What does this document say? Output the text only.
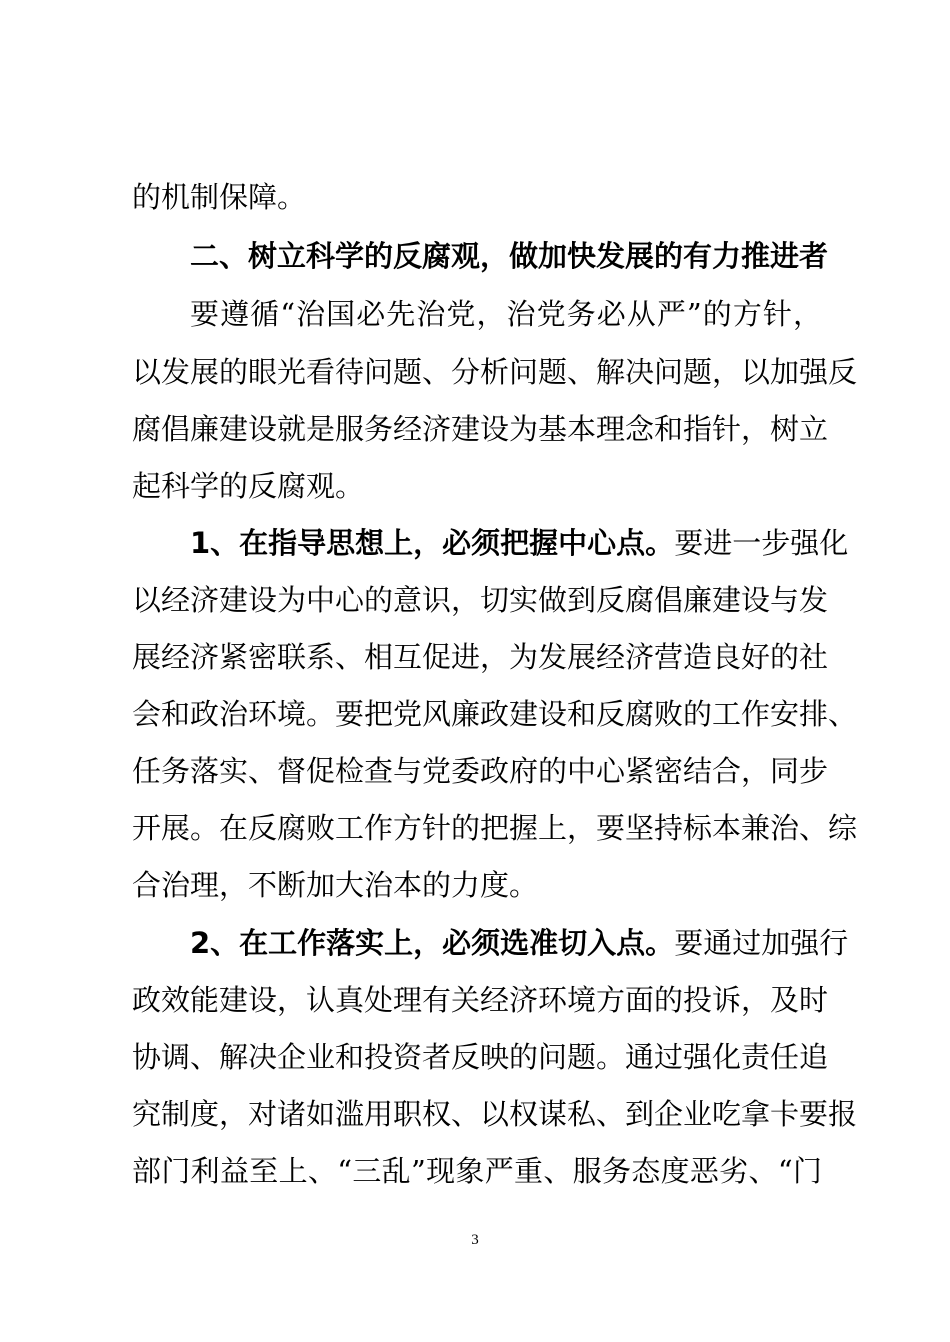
的机制保障。
二、树立科学的反腐观，做加快发展的有力推进者
要遵循“治国必先治党，治党务必从严”的方针，
以发展的眼光看待问题、分析问题、解决问题，以加强反
腐倡廉建设就是服务经济建设为基本理念和指针，树立
起科学的反腐观。
1、在指导思想上，必须把握中心点。要进一步强化
以经济建设为中心的意识，切实做到反腐倡廉建设与发
展经济紧密联系、相互促进，为发展经济营造良好的社
会和政治环境。要把党风廉政建设和反腐败的工作安排、
任务落实、督促检查与党委政府的中心紧密结合，同步
开展。在反腐败工作方针的把握上，要坚持标本兼治、综
合治理，不断加大治本的力度。
2、在工作落实上，必须选准切入点。要通过加强行
政效能建设，认真处理有关经济环境方面的投诉，及时
协调、解决企业和投资者反映的问题。通过强化责任追
究制度，对诸如滥用职权、以权谋私、到企业吃拿卡要报
部门利益至上、“三乱”现象严重、服务态度恶劣、“门
3
